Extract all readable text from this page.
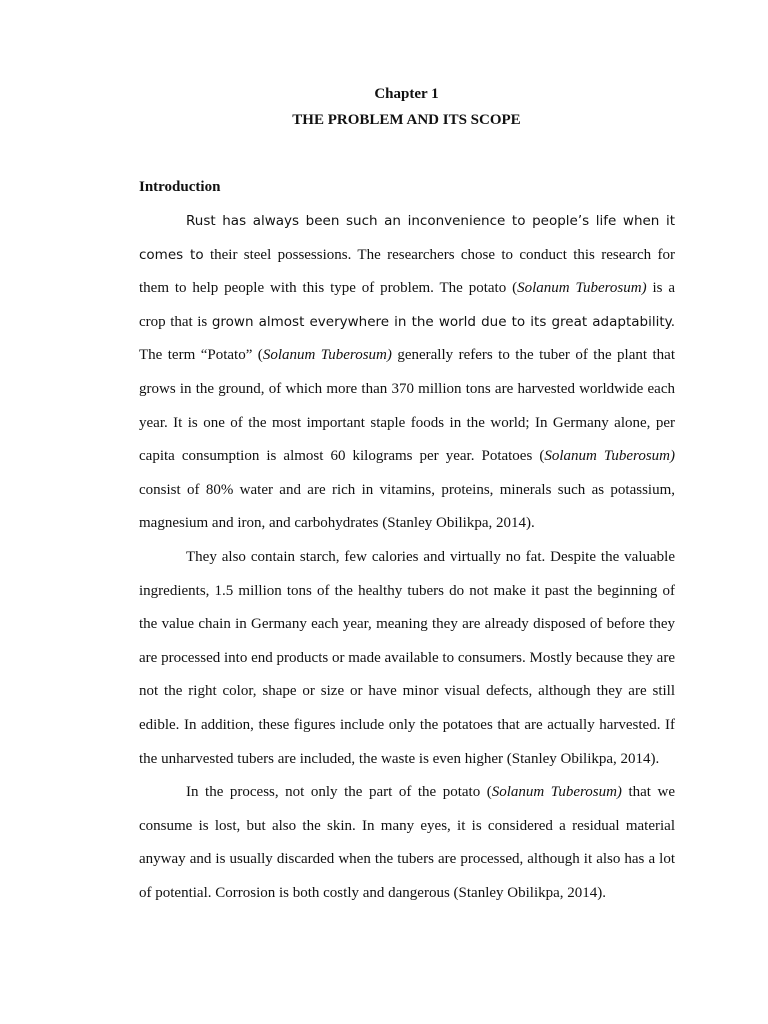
Chapter 1
THE PROBLEM AND ITS SCOPE
Introduction

Rust has always been such an inconvenience to people’s life when it comes to their steel possessions. The researchers chose to conduct this research for them to help people with this type of problem. The potato (Solanum Tuberosum) is a crop that is grown almost everywhere in the world due to its great adaptability. The term “Potato” (Solanum Tuberosum) generally refers to the tuber of the plant that grows in the ground, of which more than 370 million tons are harvested worldwide each year. It is one of the most important staple foods in the world; In Germany alone, per capita consumption is almost 60 kilograms per year. Potatoes (Solanum Tuberosum) consist of 80% water and are rich in vitamins, proteins, minerals such as potassium, magnesium and iron, and carbohydrates (Stanley Obilikpa, 2014).

They also contain starch, few calories and virtually no fat. Despite the valuable ingredients, 1.5 million tons of the healthy tubers do not make it past the beginning of the value chain in Germany each year, meaning they are already disposed of before they are processed into end products or made available to consumers. Mostly because they are not the right color, shape or size or have minor visual defects, although they are still edible. In addition, these figures include only the potatoes that are actually harvested. If the unharvested tubers are included, the waste is even higher (Stanley Obilikpa, 2014).

In the process, not only the part of the potato (Solanum Tuberosum) that we consume is lost, but also the skin. In many eyes, it is considered a residual material anyway and is usually discarded when the tubers are processed, although it also has a lot of potential. Corrosion is both costly and dangerous (Stanley Obilikpa, 2014).
